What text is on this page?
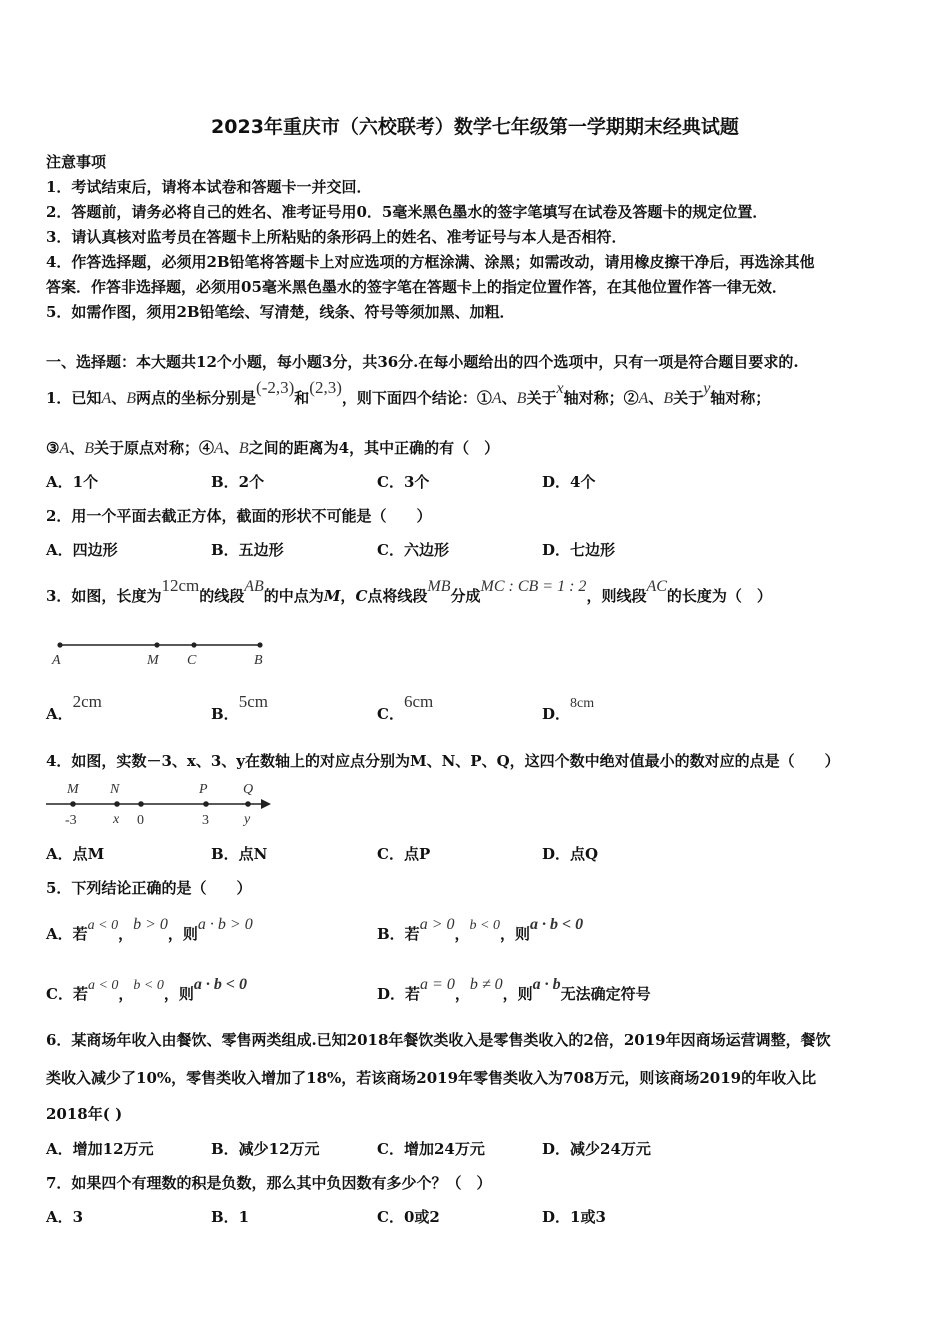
2023年重庆市（六校联考）数学七年级第一学期期末经典试题
注意事项
1．考试结束后，请将本试卷和答题卡一并交回．
2．答题前，请务必将自己的姓名、准考证号用0．5毫米黑色墨水的签字笔填写在试卷及答题卡的规定位置．
3．请认真核对监考员在答题卡上所粘贴的条形码上的姓名、准考证号与本人是否相符．
4．作答选择题，必须用2B铅笔将答题卡上对应选项的方框涂满、涂黑；如需改动，请用橡皮擦干净后，再选涂其他
答案．作答非选择题，必须用05毫米黑色墨水的签字笔在答题卡上的指定位置作答，在其他位置作答一律无效．
5．如需作图，须用2B铅笔绘、写清楚，线条、符号等须加黑、加粗．
一、选择题：本大题共12个小题，每小题3分，共36分.在每小题给出的四个选项中，只有一项是符合题目要求的.
1．已知A、B两点的坐标分别是(-2,3)和(2,3)，则下面四个结论：①A、B关于x轴对称；②A、B关于y轴对称；
③A、B关于原点对称；④A、B之间的距离为4，其中正确的有（　）
A．1个	B．2个	C．3个	D．4个
2．用一个平面去截正方体，截面的形状不可能是（　　）
A．四边形	B．五边形	C．六边形	D．七边形
3．如图，长度为12cm的线段AB的中点为M，C点将线段MB分成MC : CB = 1 : 2，则线段AC的长度为（　）
A	M C	B
A．2cm
B．5cm
C．6cm
D．8cm
4．如图，实数－3、x、3、y在数轴上的对应点分别为M、N、P、Q，这四个数中绝对值最小的数对应的点是（　　）
M N	P	Q
-3	x 0	3	y
A．点M	B．点N	C．点P	D．点Q
5．下列结论正确的是（　　）
A．若a < 0，b > 0，则a · b > 0
B．若a > 0，b < 0，则a · b < 0
C．若a < 0，b < 0，则a · b < 0
D．若a = 0，b ≠ 0，则a · b无法确定符号
6．某商场年收入由餐饮、零售两类组成.已知2018年餐饮类收入是零售类收入的2倍，2019年因商场运营调整，餐饮
类收入减少了10%，零售类收入增加了18%，若该商场2019年零售类收入为708万元，则该商场2019的年收入比
2018年( )
A．增加12万元	B．减少12万元	C．增加24万元	D．减少24万元
7．如果四个有理数的积是负数，那么其中负因数有多少个？（　）
A．3	B．1	C．0或2	D．1或3
